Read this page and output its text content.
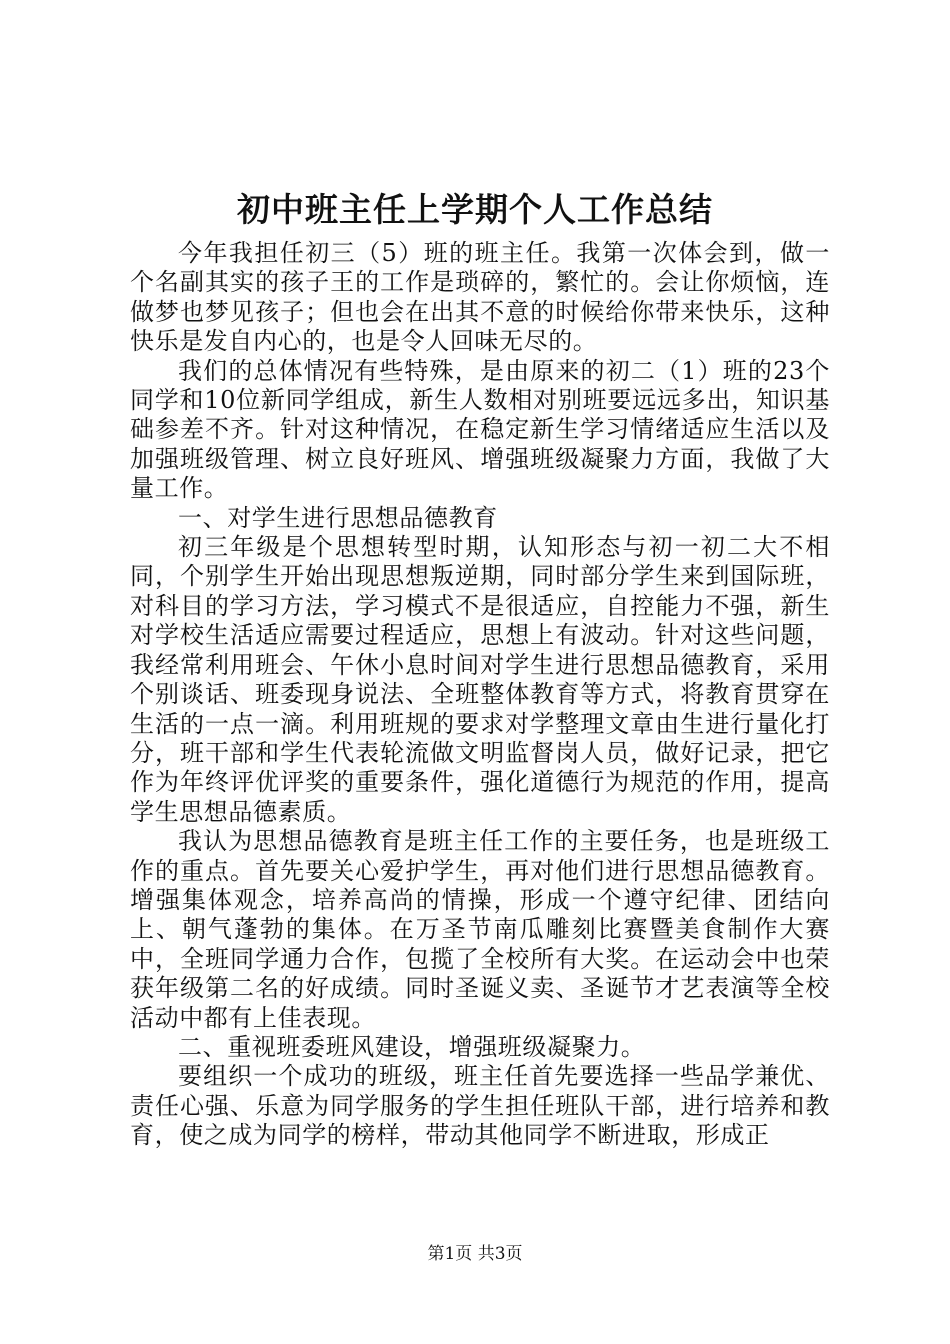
初中班主任上学期个人工作总结

今年我担任初三（5）班的班主任。我第一次体会到，做一个名副其实的孩子王的工作是琐碎的，繁忙的。会让你烦恼，连做梦也梦见孩子；但也会在出其不意的时候给你带来快乐，这种快乐是发自内心的，也是令人回味无尽的。

我们的总体情况有些特殊，是由原来的初二（1）班的23个同学和10位新同学组成，新生人数相对别班要远远多出，知识基础参差不齐。针对这种情况，在稳定新生学习情绪适应生活以及加强班级管理、树立良好班风、增强班级凝聚力方面，我做了大量工作。

一、对学生进行思想品德教育

初三年级是个思想转型时期，认知形态与初一初二大不相同，个别学生开始出现思想叛逆期，同时部分学生来到国际班，对科目的学习方法，学习模式不是很适应，自控能力不强，新生对学校生活适应需要过程适应，思想上有波动。针对这些问题，我经常利用班会、午休小息时间对学生进行思想品德教育，采用个别谈话、班委现身说法、全班整体教育等方式，将教育贯穿在生活的一点一滴。利用班规的要求对学整理文章由生进行量化打分，班干部和学生代表轮流做文明监督岗人员，做好记录，把它作为年终评优评奖的重要条件，强化道德行为规范的作用，提高学生思想品德素质。

我认为思想品德教育是班主任工作的主要任务，也是班级工作的重点。首先要关心爱护学生，再对他们进行思想品德教育。增强集体观念，培养高尚的情操，形成一个遵守纪律、团结向上、朝气蓬勃的集体。在万圣节南瓜雕刻比赛暨美食制作大赛中，全班同学通力合作，包揽了全校所有大奖。在运动会中也荣获年级第二名的好成绩。同时圣诞义卖、圣诞节才艺表演等全校活动中都有上佳表现。

二、重视班委班风建设，增强班级凝聚力。

要组织一个成功的班级，班主任首先要选择一些品学兼优、责任心强、乐意为同学服务的学生担任班队干部，进行培养和教育，使之成为同学的榜样，带动其他同学不断进取，形成正

第1页 共3页
